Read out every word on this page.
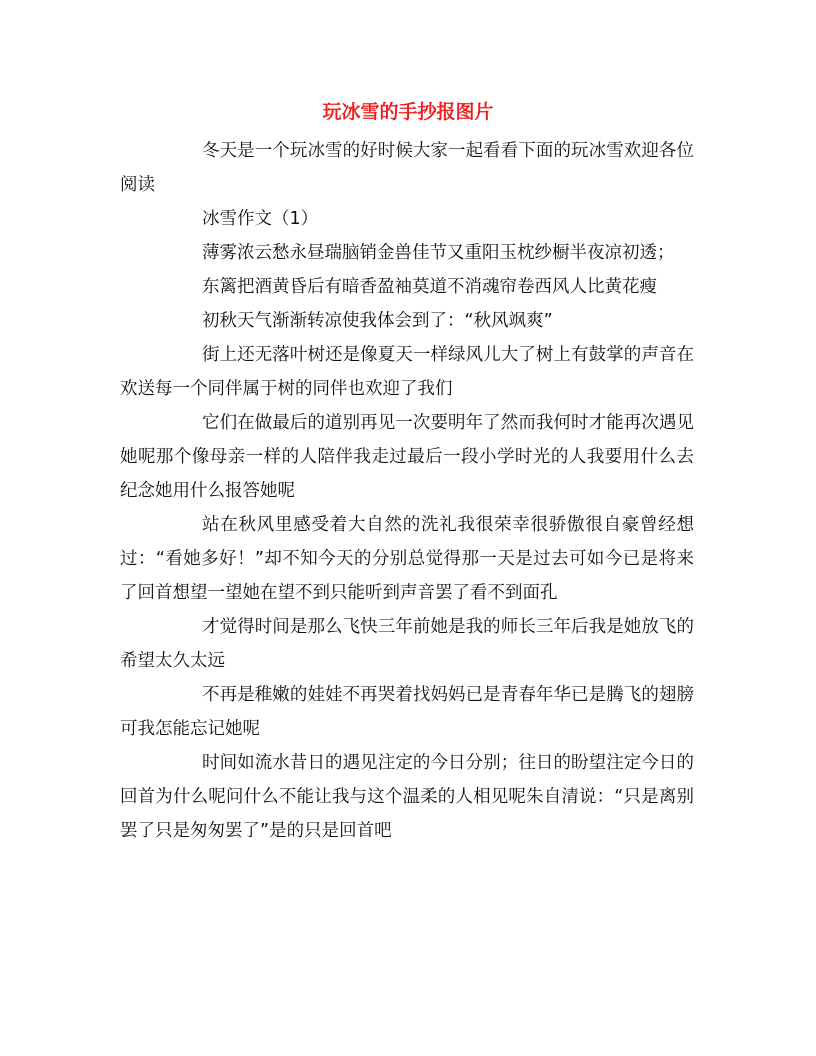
玩冰雪的手抄报图片

冬天是一个玩冰雪的好时候大家一起看看下面的玩冰雪欢迎各位阅读

冰雪作文（1）

薄雾浓云愁永昼瑞脑销金兽佳节又重阳玉枕纱橱半夜凉初透；

东篱把酒黄昏后有暗香盈袖莫道不消魂帘卷西风人比黄花瘦

初秋天气渐渐转凉使我体会到了：“秋风飒爽”

街上还无落叶树还是像夏天一样绿风儿大了树上有鼓掌的声音在欢送每一个同伴属于树的同伴也欢迎了我们

它们在做最后的道别再见一次要明年了然而我何时才能再次遇见她呢那个像母亲一样的人陪伴我走过最后一段小学时光的人我要用什么去纪念她用什么报答她呢

站在秋风里感受着大自然的洗礼我很荣幸很骄傲很自豪曾经想过：“看她多好！”却不知今天的分别总觉得那一天是过去可如今已是将来了回首想望一望她在望不到只能听到声音罢了看不到面孔

才觉得时间是那么飞快三年前她是我的师长三年后我是她放飞的希望太久太远

不再是稚嫩的娃娃不再哭着找妈妈已是青春年华已是腾飞的翅膀可我怎能忘记她呢

时间如流水昔日的遇见注定的今日分别；往日的盼望注定今日的回首为什么呢问什么不能让我与这个温柔的人相见呢朱自清说：“只是离别罢了只是匆匆罢了”是的只是回首吧
